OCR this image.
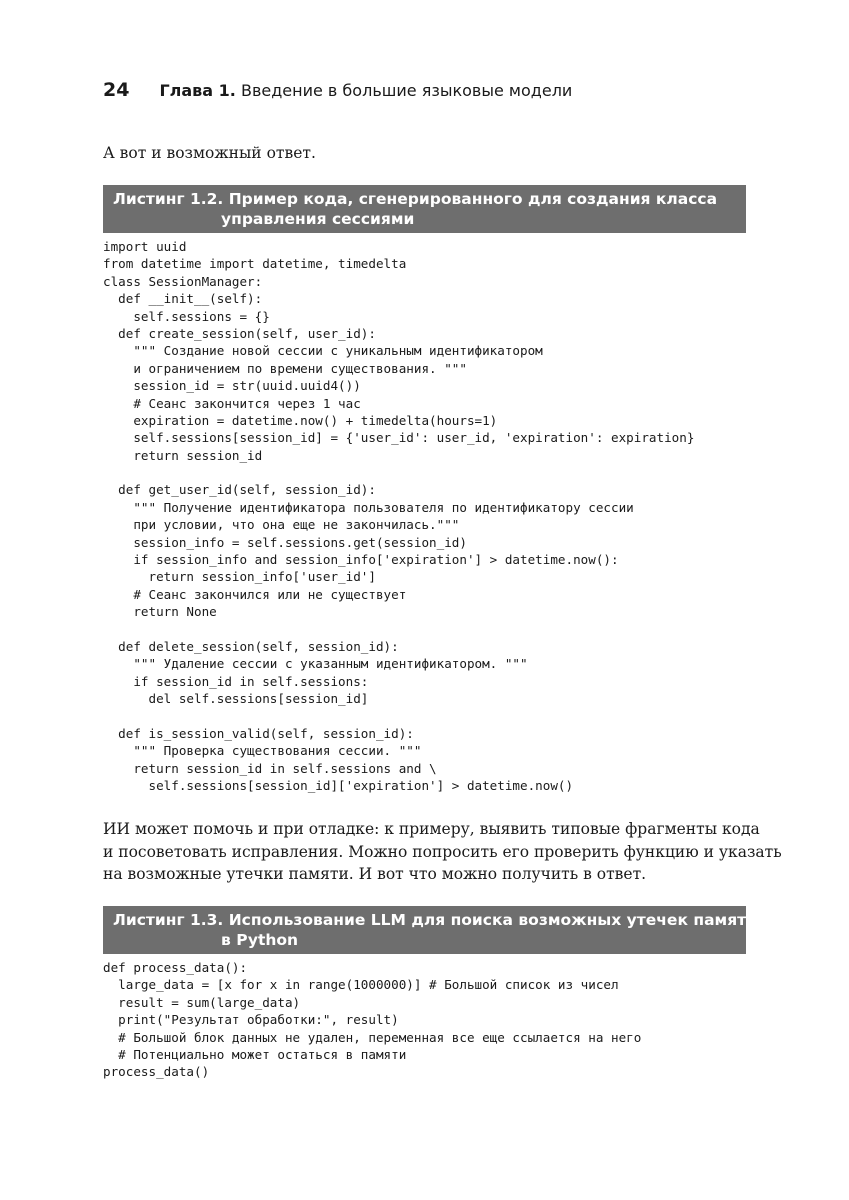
24 Глава 1. Введение в большие языковые модели
А вот и возможный ответ.
Листинг 1.2. Пример кода, сгенерированного для создания класса
управления сессиями
import uuid
from datetime import datetime, timedelta
class SessionManager:
def __init__(self):
self.sessions = {}
def create_session(self, user_id):
""" Создание новой сессии с уникальным идентификатором
и ограничением по времени существования. """
session_id = str(uuid.uuid4())
# Сеанс закончится через 1 час
expiration = datetime.now() + timedelta(hours=1)
self.sessions[session_id] = {'user_id': user_id, 'expiration': expiration}
return session_id
def get_user_id(self, session_id):
""" Получение идентификатора пользователя по идентификатору сессии
при условии, что она еще не закончилась."""
session_info = self.sessions.get(session_id)
if session_info and session_info['expiration'] > datetime.now():
return session_info['user_id']
# Сеанс закончился или не существует
return None
def delete_session(self, session_id):
""" Удаление сессии с указанным идентификатором. """
if session_id in self.sessions:
del self.sessions[session_id]
def is_session_valid(self, session_id):
""" Проверка существования сессии. """
return session_id in self.sessions and \
self.sessions[session_id]['expiration'] > datetime.now()
ИИ может помочь и при отладке: к примеру, выявить типовые фрагменты кода
и посоветовать исправления. Можно попросить его проверить функцию и указать
на возможные утечки памяти. И вот что можно получить в ответ.
Листинг 1.3. Использование LLM для поиска возможных утечек памяти
в Python
def process_data():
large_data = [x for x in range(1000000)] # Большой список из чисел
result = sum(large_data)
print("Результат обработки:", result)
# Большой блок данных не удален, переменная все еще ссылается на него
# Потенциально может остаться в памяти
process_data()
